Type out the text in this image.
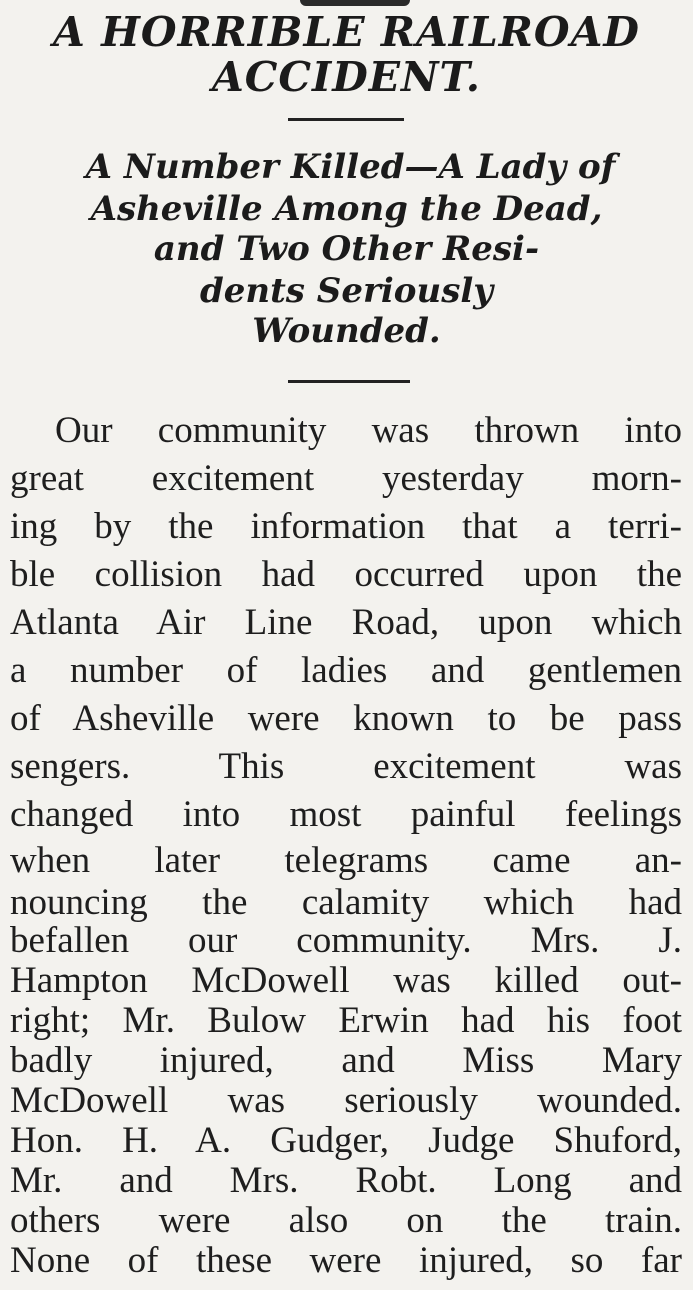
A HORRIBLE RAILROAD
ACCIDENT.
A Number Killed—A Lady of
Asheville Among the Dead,
and Two Other Resi-
dents Seriously
Wounded.
Our community was thrown into
great excitement yesterday morn-
ing by the information that a terri-
ble collision had occurred upon the
Atlanta Air Line Road, upon which
a number of ladies and gentlemen
of Asheville were known to be pass
sengers. This excitement was
changed into most painful feelings
when later telegrams came an-
nouncing the calamity which had
befallen our community. Mrs. J.
Hampton McDowell was killed out-
right; Mr. Bulow Erwin had his foot
badly injured, and Miss Mary
McDowell was seriously wounded.
Hon. H. A. Gudger, Judge Shuford,
Mr. and Mrs. Robt. Long and
others were also on the train.
None of these were injured, so far
